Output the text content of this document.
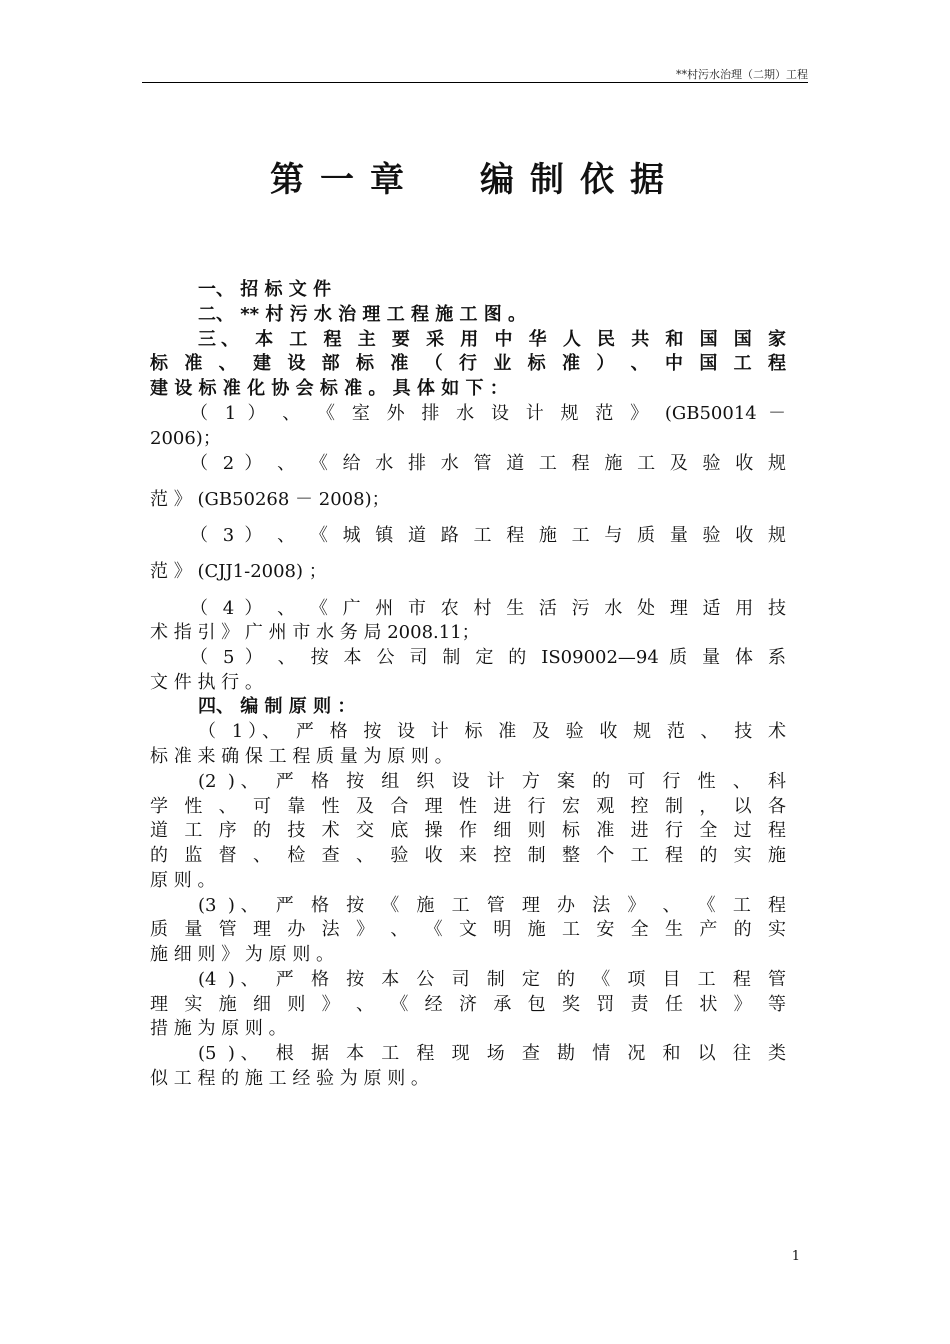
**村污水治理（二期）工程
第一章 编制依据
一、 招 标 文 件
二、 ** 村 污 水 治 理 工 程 施 工 图 。
三、 本 工 程 主 要 采 用 中 华 人 民 共 和 国 国 家
标 准 、 建 设 部 标 准 （ 行 业 标 准 ） 、 中 国 工 程
建 设 标 准 化 协 会 标 准 。 具 体 如 下 ：
（ 1 ） 、 《 室 外 排 水 设 计 规 范 》 (GB50014 －
2006)；
（ 2 ） 、 《 给 水 排 水 管 道 工 程 施 工 及 验 收 规
范 》 (GB50268 － 2008)；
（ 3 ） 、 《 城 镇 道 路 工 程 施 工 与 质 量 验 收 规
范 》 (CJJ1-2008) ；
（ 4 ） 、 《 广 州 市 农 村 生 活 污 水 处 理 适 用 技
术 指 引 》 广 州 市 水 务 局 2008.11；
（ 5 ） 、 按 本 公 司 制 定 的 IS09002—94 质 量 体 系
文 件 执 行 。
四、 编 制 原 则 ：
（ 1）、 严 格 按 设 计 标 准 及 验 收 规 范 、 技 术
标 准 来 确 保 工 程 质 量 为 原 则 。
(2 )、 严 格 按 组 织 设 计 方 案 的 可 行 性 、 科
学 性 、 可 靠 性 及 合 理 性 进 行 宏 观 控 制 ， 以 各
道 工 序 的 技 术 交 底 操 作 细 则 标 准 进 行 全 过 程
的 监 督 、 检 查 、 验 收 来 控 制 整 个 工 程 的 实 施
原 则 。
(3 )、 严 格 按 《 施 工 管 理 办 法 》 、 《 工 程
质 量 管 理 办 法 》 、 《 文 明 施 工 安 全 生 产 的 实
施 细 则 》 为 原 则 。
(4 )、 严 格 按 本 公 司 制 定 的 《 项 目 工 程 管
理 实 施 细 则 》 、 《 经 济 承 包 奖 罚 责 任 状 》 等
措 施 为 原 则 。
(5 )、 根 据 本 工 程 现 场 查 勘 情 况 和 以 往 类
似 工 程 的 施 工 经 验 为 原 则 。
1
